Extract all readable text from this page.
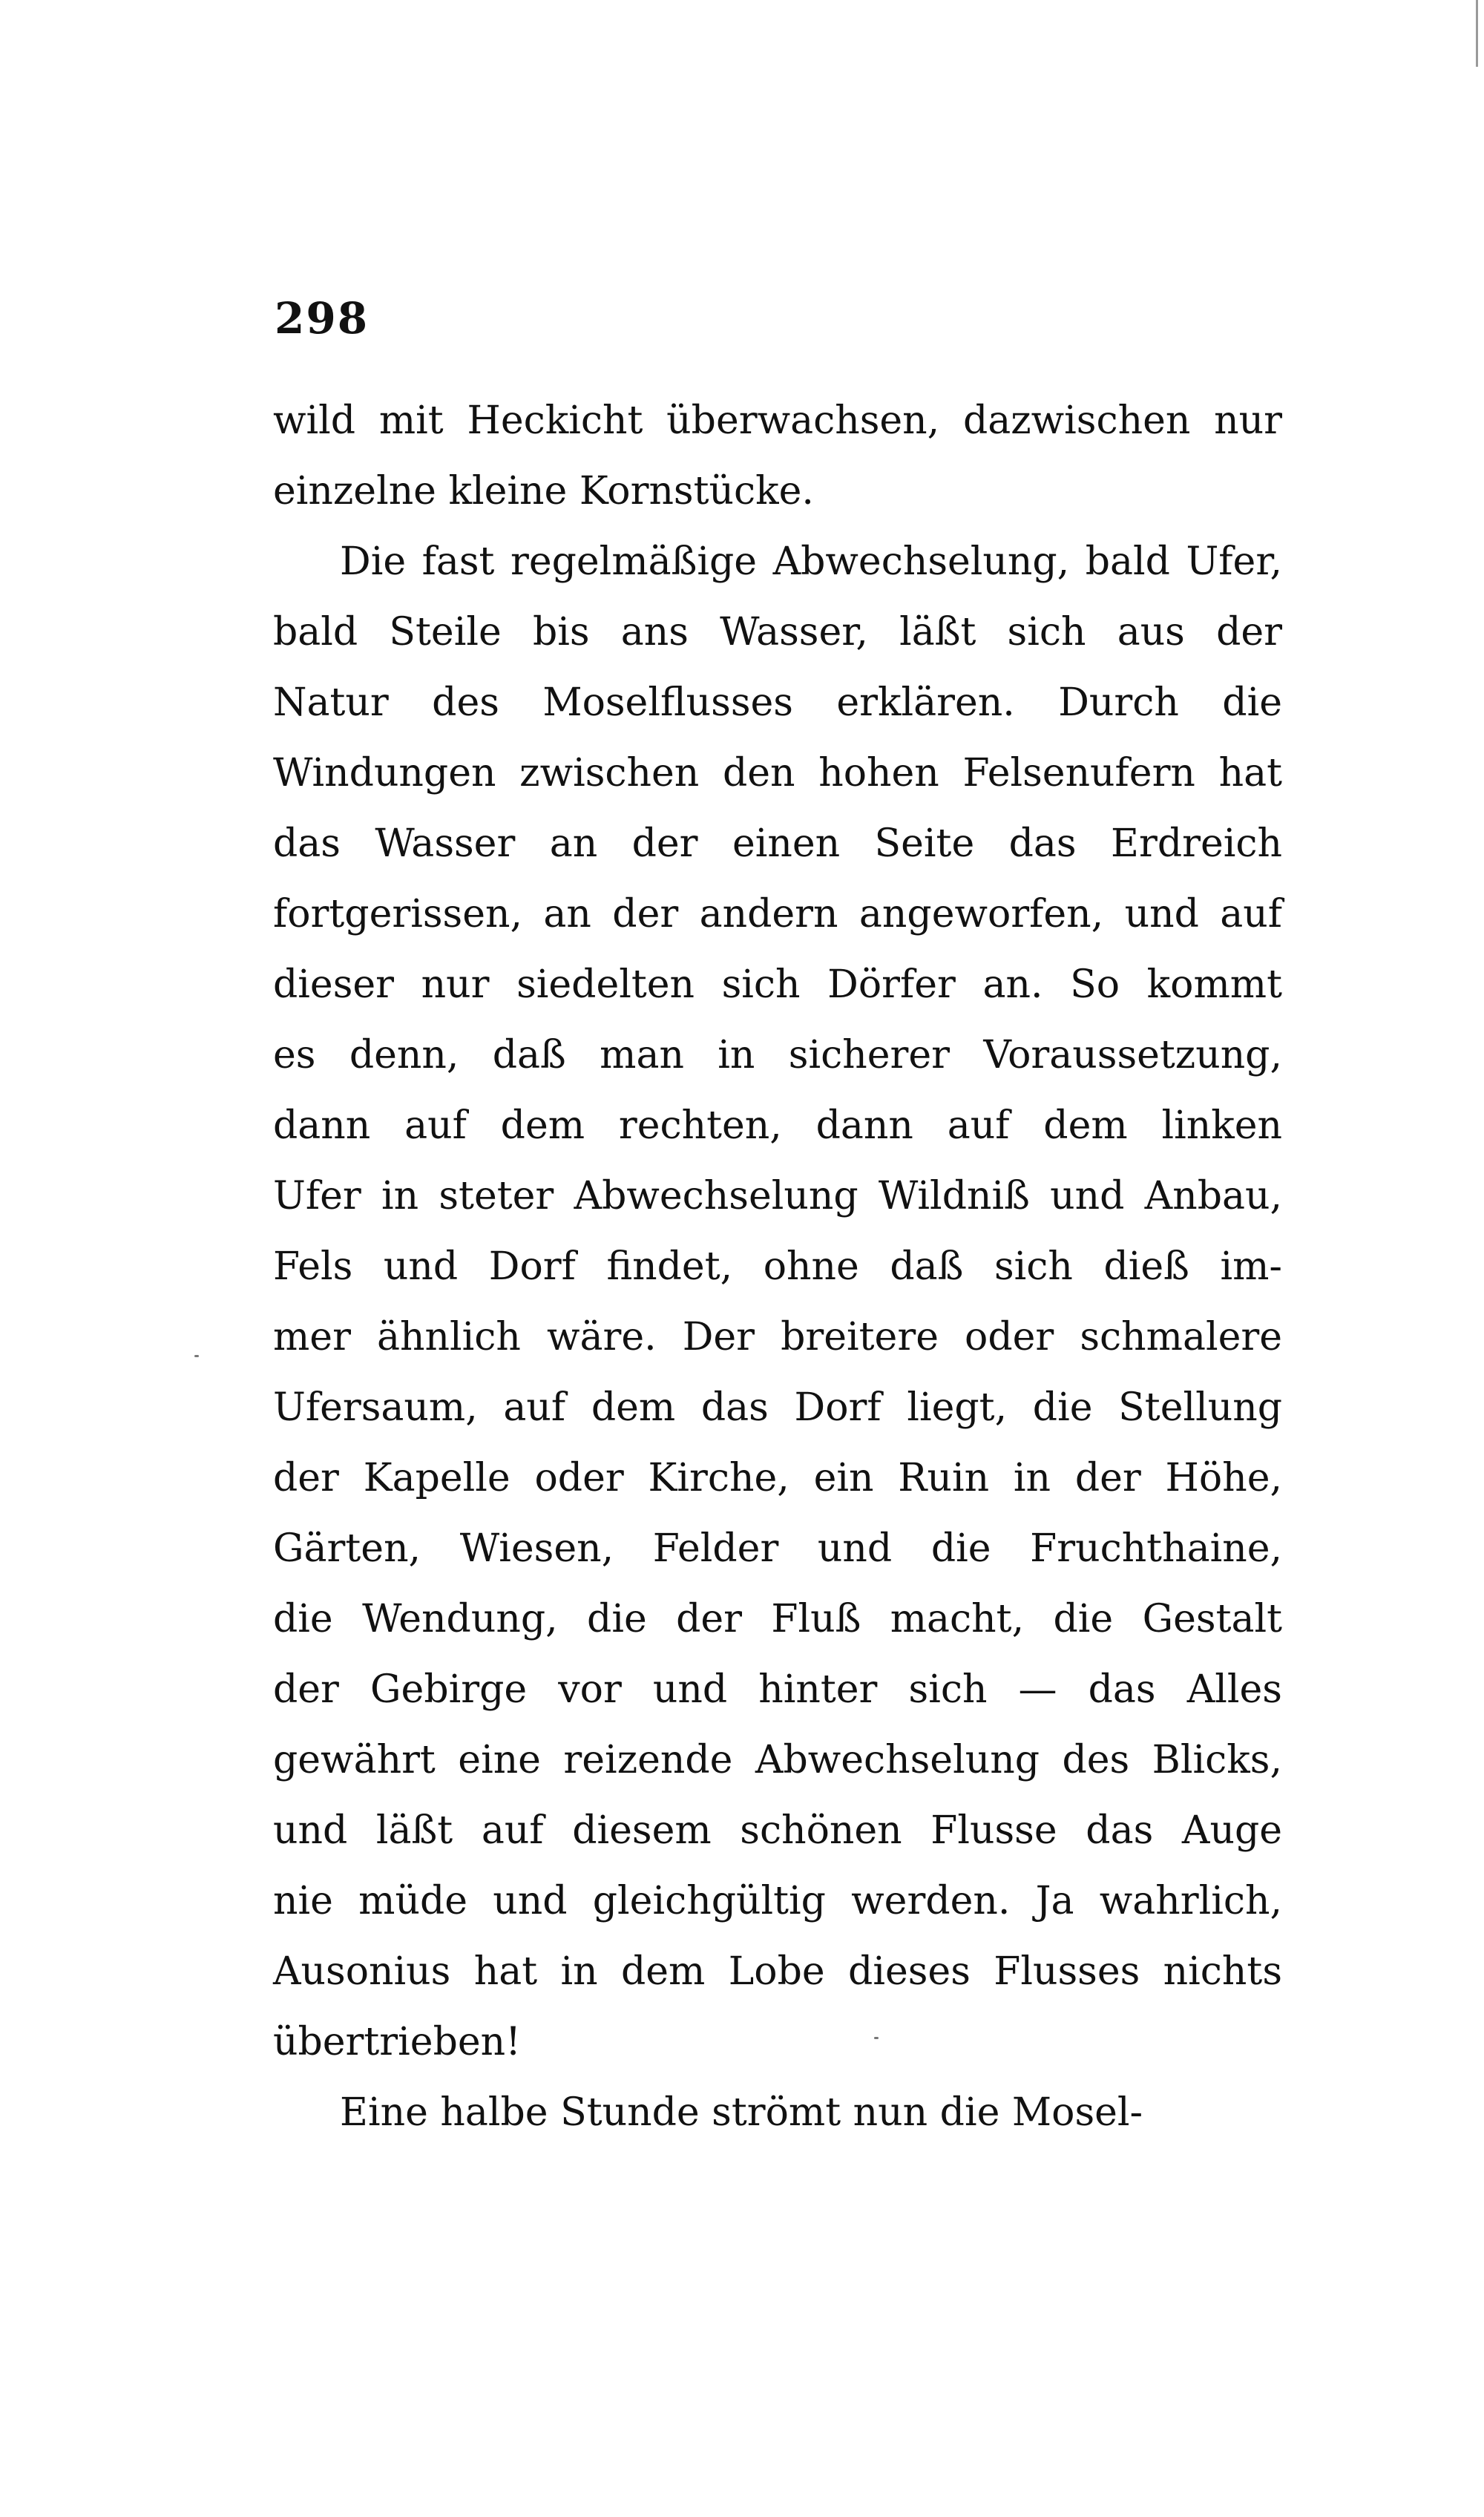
298
wild mit Heckicht überwachsen, dazwischen nur
einzelne kleine Kornstücke.
Die fast regelmäßige Abwechselung, bald Ufer,
bald Steile bis ans Wasser, läßt sich aus der
Natur des Moselflusses erklären. Durch die
Windungen zwischen den hohen Felsenufern hat
das Wasser an der einen Seite das Erdreich
fortgerissen, an der andern angeworfen, und auf
dieser nur siedelten sich Dörfer an. So kommt
es denn, daß man in sicherer Voraussetzung,
dann auf dem rechten, dann auf dem linken
Ufer in steter Abwechselung Wildniß und Anbau,
Fels und Dorf findet, ohne daß sich dieß im-
mer ähnlich wäre. Der breitere oder schmalere
Ufersaum, auf dem das Dorf liegt, die Stellung
der Kapelle oder Kirche, ein Ruin in der Höhe,
Gärten, Wiesen, Felder und die Fruchthaine,
die Wendung, die der Fluß macht, die Gestalt
der Gebirge vor und hinter sich — das Alles
gewährt eine reizende Abwechselung des Blicks,
und läßt auf diesem schönen Flusse das Auge
nie müde und gleichgültig werden. Ja wahrlich,
Ausonius hat in dem Lobe dieses Flusses nichts
übertrieben!
Eine halbe Stunde strömt nun die Mosel-
